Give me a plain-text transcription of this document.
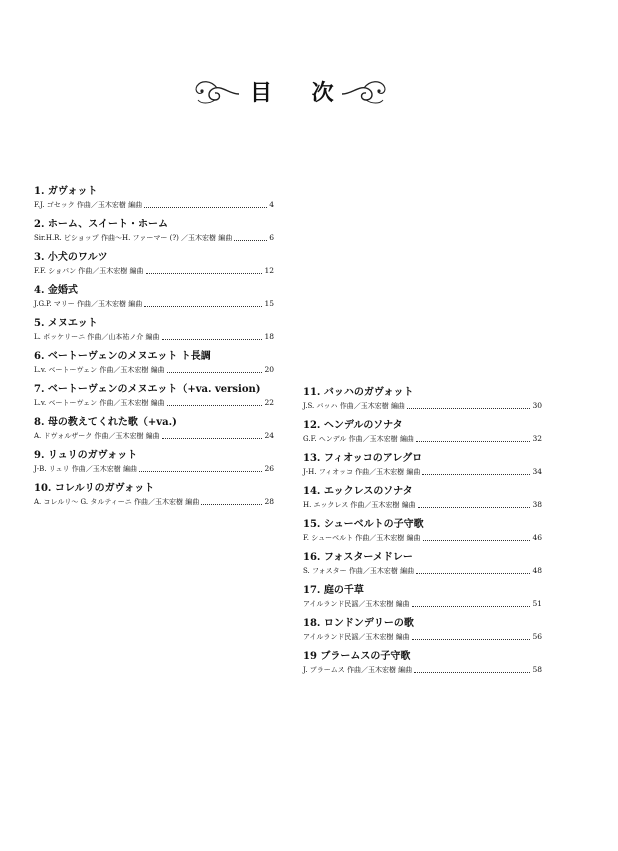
目 次
1. ガヴォット
F.J. ゴセック 作曲／玉木宏樹 編曲	4
2. ホーム、スイート・ホーム
Sir.H.R. ビショップ 作曲～H. ファーマー (?) ／玉木宏樹 編曲	6
3. 小犬のワルツ
F.F. ショパン 作曲／玉木宏樹 編曲	12
4. 金婚式
J.G.P. マリー 作曲／玉木宏樹 編曲	15
5. メヌエット
L. ボッケリーニ 作曲／山本祐ノ介 編曲	18
6. ベートーヴェンのメヌエット ト長調
L.v. ベートーヴェン 作曲／玉木宏樹 編曲	20
7. ベートーヴェンのメヌエット（+va. version)
L.v. ベートーヴェン 作曲／玉木宏樹 編曲	22
8. 母の教えてくれた歌（+va.)
A. ドヴォルザーク 作曲／玉木宏樹 編曲	24
9. リュリのガヴォット
J-B. リュリ 作曲／玉木宏樹 編曲	26
10. コレルリのガヴォット
A. コレルリ～ G. タルティーニ 作曲／玉木宏樹 編曲	28
11. バッハのガヴォット
J.S. バッハ 作曲／玉木宏樹 編曲	30
12. ヘンデルのソナタ
G.F. ヘンデル 作曲／玉木宏樹 編曲	32
13. フィオッコのアレグロ
J-H. フィオッコ 作曲／玉木宏樹 編曲	34
14. エックレスのソナタ
H. エックレス 作曲／玉木宏樹 編曲	38
15. シューベルトの子守歌
F. シューベルト 作曲／玉木宏樹 編曲	46
16. フォスターメドレー
S. フォスター 作曲／玉木宏樹 編曲	48
17. 庭の千草
アイルランド民謡／玉木宏樹 編曲	51
18. ロンドンデリーの歌
アイルランド民謡／玉木宏樹 編曲	56
19 ブラームスの子守歌
J. ブラームス 作曲／玉木宏樹 編曲	58
